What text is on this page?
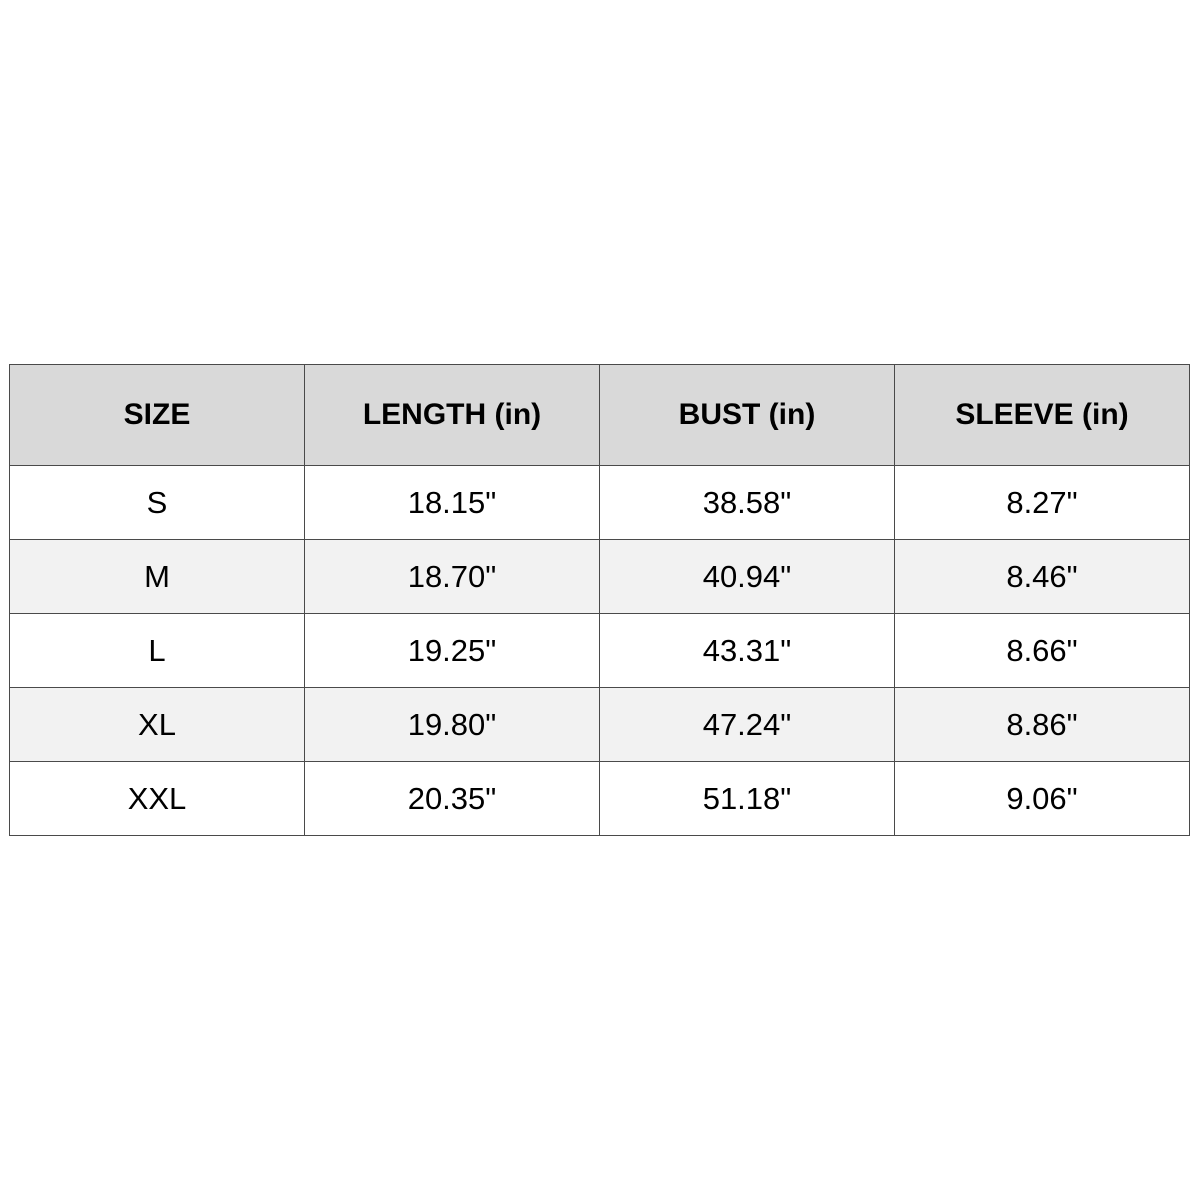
SIZE	LENGTH (in)	BUST (in)	SLEEVE (in)
S	18.15"	38.58"	8.27"
M	18.70"	40.94"	8.46"
L	19.25"	43.31"	8.66"
XL	19.80"	47.24"	8.86"
XXL	20.35"	51.18"	9.06"
